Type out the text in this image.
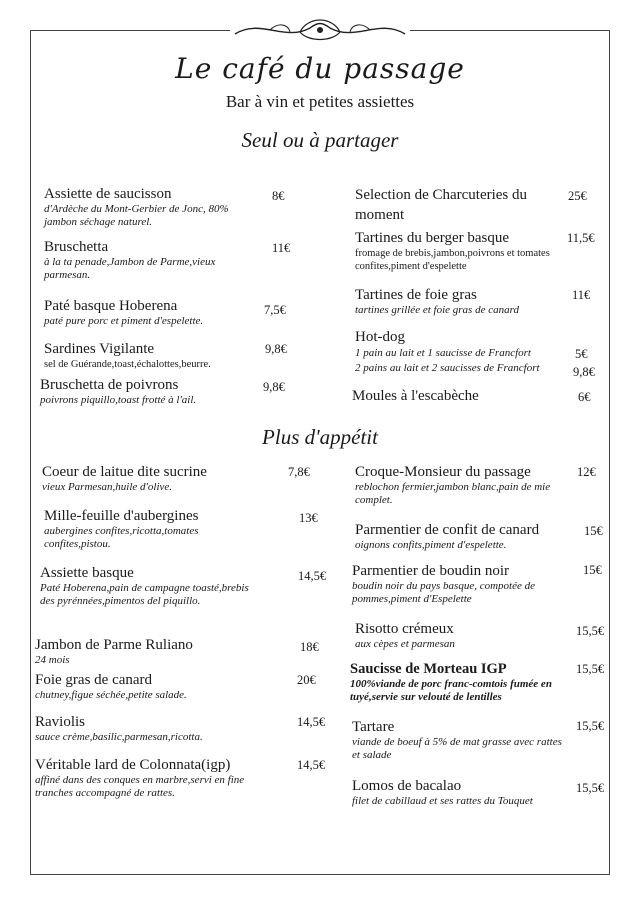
Le café du passage
Bar à vin et petites assiettes
Seul ou à partager
Plus d'appétit
Assiette de saucisson
d'Ardèche du Mont-Gerbier de Jonc, 80% jambon séchage naturel.
8€
Bruschetta
à la ta penade,Jambon de Parme,vieux parmesan.
11€
Paté basque Hoberena
paté pure porc et piment d'espelette.
7,5€
Sardines Vigilante
sel de Guérande,toast,échalottes,beurre.
9,8€
Bruschetta de poivrons
poivrons piquillo,toast frotté à l'ail.
9,8€
Selection de Charcuteries du moment
25€
Tartines du berger basque
fromage de brebis,jambon,poivrons et tomates confites,piment d'espelette
11,5€
Tartines de foie gras
tartines grillée et foie gras de canard
11€
Hot-dog
1 pain au lait et 1 saucisse de Francfort
2 pains au lait et 2 saucisses de Francfort
5€
9,8€
Moules à l'escabèche	6€
Coeur de laitue dite sucrine
vieux Parmesan,huile d'olive.
7,8€
Mille-feuille d'aubergines
aubergines confites,ricotta,tomates confites,pistou.
13€
Assiette basque
Paté Hoberena,pain de campagne toasté,brebis des pyrénnées,pimentos del piquillo.
14,5€
Jambon de Parme Ruliano
24 mois
18€
Foie gras de canard
chutney,figue séchée,petite salade.
20€
Raviolis
sauce crème,basilic,parmesan,ricotta.
14,5€
Véritable lard de Colonnata(igp)
affiné dans des conques en marbre,servi en fine tranches accompagné de rattes.
14,5€
Croque-Monsieur du passage
reblochon fermier,jambon blanc,pain de mie complet.
12€
Parmentier de confit de canard
oignons confits,piment d'espelette.
15€
Parmentier de boudin noir
boudin noir du pays basque, compotée de pommes,piment d'Espelette
15€
Risotto crémeux
aux cèpes et parmesan
15,5€
Saucisse de Morteau IGP
100%viande de porc franc-comtois fumée en tuyé,servie sur velouté de lentilles
15,5€
Tartare
viande de boeuf à 5% de mat grasse avec rattes et salade
15,5€
Lomos de bacalao
filet de cabillaud et ses rattes du Touquet
15,5€
